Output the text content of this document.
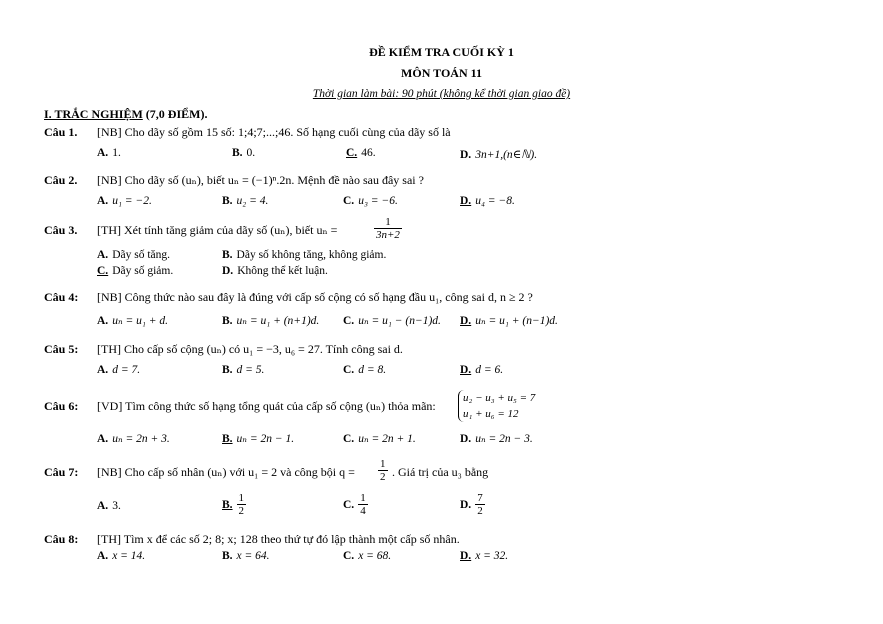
ĐỀ KIỂM TRA CUỐI KỲ 1
MÔN TOÁN 11
Thời gian làm bài: 90 phút (không kể thời gian giao đề)
I. TRẮC NGHIỆM (7,0 ĐIỂM).
Câu 1.	[NB] Cho dãy số gồm 15 số: 1;4;7;...;46. Số hạng cuối cùng của dãy số là
A. 1.	B. 0.	C. 46.	D. 3n+1,(n∈ℕ).
Câu 2.	[NB] Cho dãy số (uₙ), biết uₙ = (−1)ⁿ.2n. Mệnh đề nào sau đây sai ?
A. u₁ = −2.	B. u₂ = 4.	C. u₃ = −6.	D. u₄ = −8.
Câu 3.	[TH] Xét tính tăng giảm của dãy số (uₙ), biết uₙ =	$\frac{1}{3n+2}$
A. Dãy số tăng.	B. Dãy số không tăng, không giảm.
C. Dãy số giảm.	D. Không thể kết luận.
Câu 4:	[NB] Công thức nào sau đây là đúng với cấp số cộng có số hạng đầu u₁, công sai d, n ≥ 2 ?
A. uₙ = u₁ + d.	B. uₙ = u₁ + (n+1)d. C. uₙ = u₁ − (n−1)d. D. uₙ = u₁ + (n−1)d.
Câu 5:	[TH] Cho cấp số cộng (uₙ) có u₁ = −3, u₆ = 27. Tính công sai d.
A. d = 7.	B. d = 5.	C. d = 8.	D. d = 6.
Câu 6:	[VD] Tìm công thức số hạng tổng quát của cấp số cộng (uₙ) thỏa mãn:
u₂ − u₃ + u₅ = 7
u₁ + u₆ = 12
A. uₙ = 2n + 3.	B. uₙ = 2n − 1.	C. uₙ = 2n + 1.	D. uₙ = 2n − 3.
Câu 7:	[NB] Cho cấp số nhân (uₙ) với u₁ = 2 và công bội $q = \frac{1}{2}$ . Giá trị của u₃ bằng
A. 3.	B. $\frac{1}{2}$	C. $\frac{1}{4}$	D. $\frac{7}{2}$
Câu 8:	[TH] Tìm x để các số 2; 8; x; 128 theo thứ tự đó lập thành một cấp số nhân.
A. x = 14.	B. x = 64.	C. x = 68.	D. x = 32.
